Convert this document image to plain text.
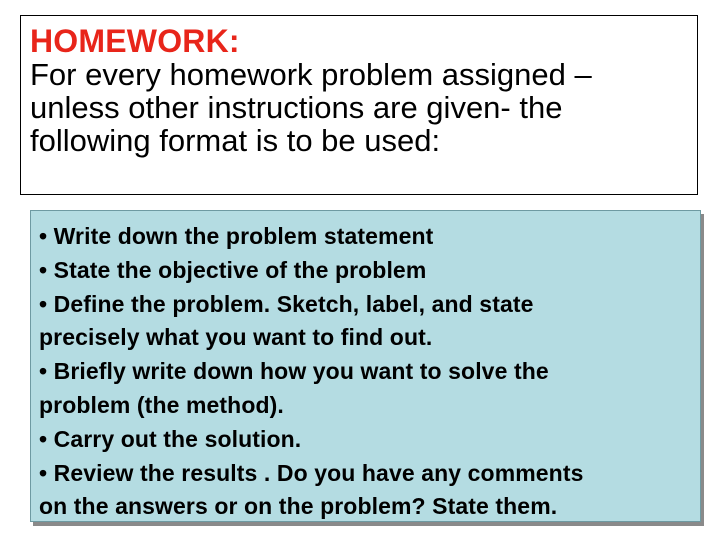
HOMEWORK:
For every homework problem assigned –
unless other instructions are given- the
following format is to be used:
• Write down the problem statement
• State the objective of the problem
• Define the problem. Sketch, label, and state
precisely what you want to find out.
• Briefly write down how you want to solve the
problem (the method).
• Carry out the solution.
• Review the results . Do you have any comments
on the answers or on the problem? State them.
